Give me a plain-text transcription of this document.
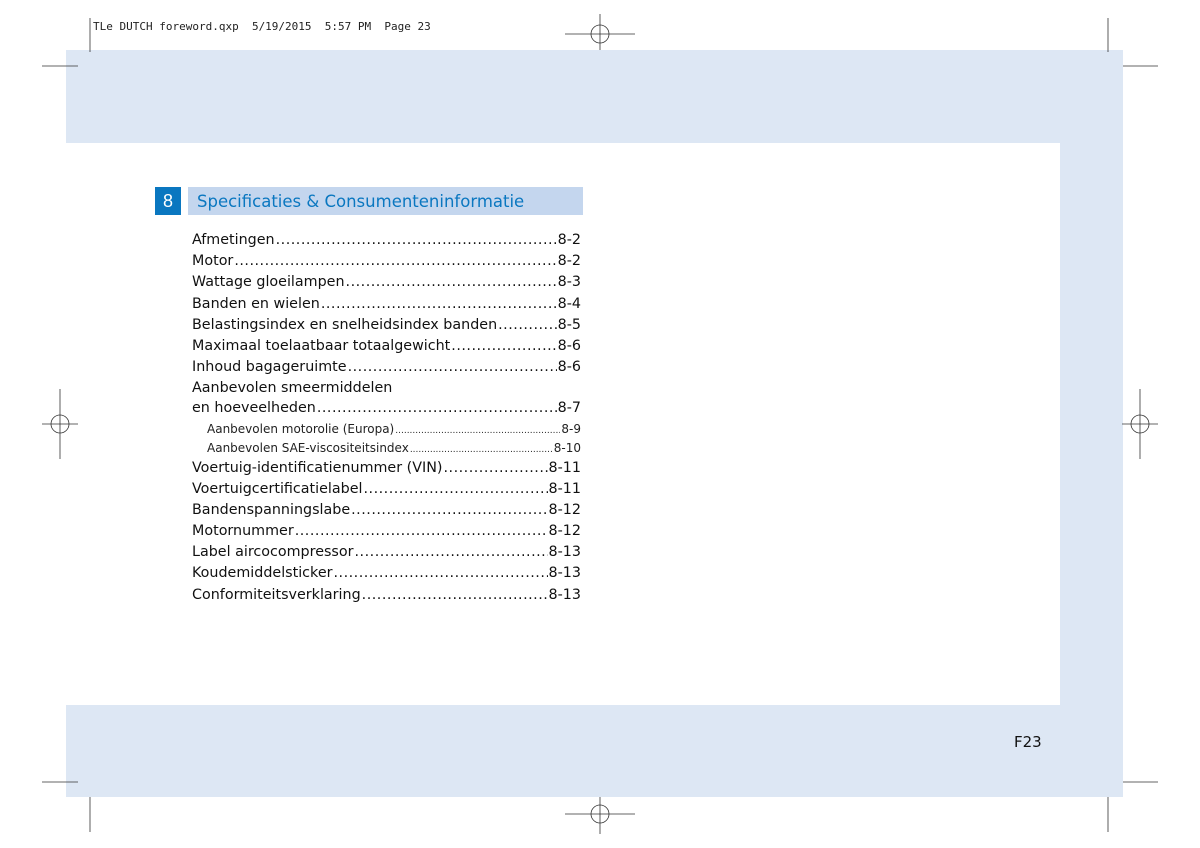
TLe DUTCH foreword.qxp  5/19/2015  5:57 PM  Page 23
8	Specificaties & Consumenteninformatie
Afmetingen .....	8-2
Motor .....	8-2
Wattage gloeilampen .....	8-3
Banden en wielen .....	8-4
Belastingsindex en snelheidsindex banden .....	8-5
Maximaal toelaatbaar totaalgewicht .....	8-6
Inhoud bagageruimte .....	8-6
Aanbevolen smeermiddelen
en hoeveelheden .....	8-7
Aanbevolen motorolie (Europa) .....	8-9
Aanbevolen SAE-viscositeitsindex .....	8-10
Voertuig-identificatienummer (VIN) .....	8-11
Voertuigcertificatielabel .....	8-11
Bandenspanningslabe .....	8-12
Motornummer .....	8-12
Label aircocompressor .....	8-13
Koudemiddelsticker .....	8-13
Conformiteitsverklaring .....	8-13
F23
